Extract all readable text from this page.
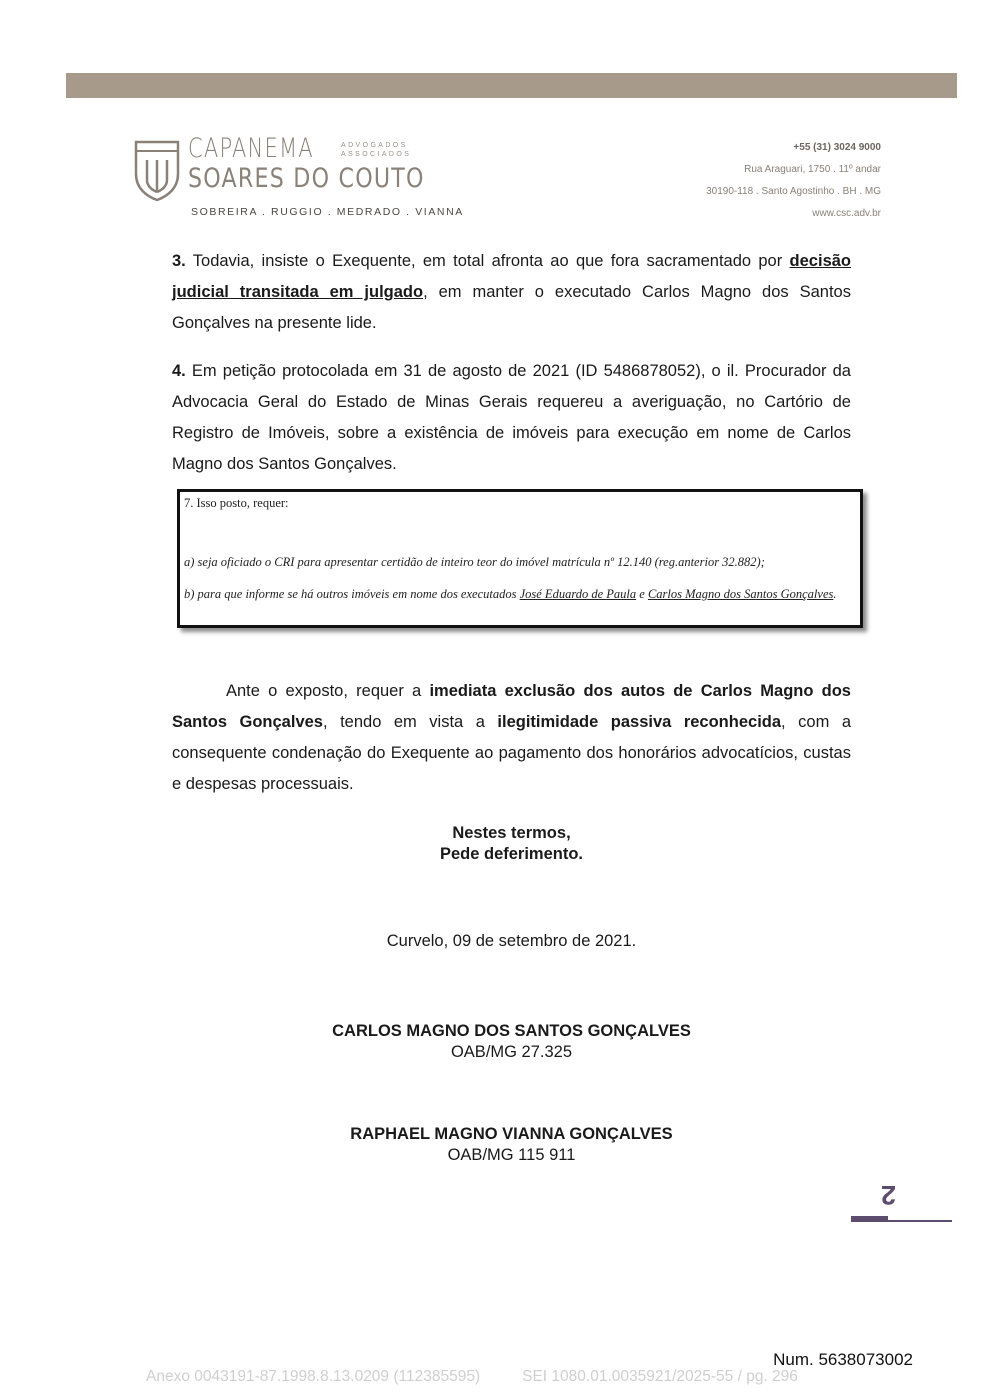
CAPANEMA	ADVOGADOS ASSOCIADOS
SOARES DO COUTO
SOBREIRA . RUGGIO . MEDRADO . VIANNA
+55 (31) 3024 9000
Rua Araguari, 1750 . 11º andar
30190-118 . Santo Agostinho . BH . MG
www.csc.adv.br
3. Todavia, insiste o Exequente, em total afronta ao que fora sacramentado por decisão judicial transitada em julgado, em manter o executado Carlos Magno dos Santos Gonçalves na presente lide.
4. Em petição protocolada em 31 de agosto de 2021 (ID 5486878052), o il. Procurador da Advocacia Geral do Estado de Minas Gerais requereu a averiguação, no Cartório de Registro de Imóveis, sobre a existência de imóveis para execução em nome de Carlos Magno dos Santos Gonçalves.
7. Isso posto, requer:
a) seja oficiado o CRI para apresentar certidão de inteiro teor do imóvel matrícula nº 12.140 (reg.anterior 32.882);
b) para que informe se há outros imóveis em nome dos executados José Eduardo de Paula e Carlos Magno dos Santos Gonçalves.
Ante o exposto, requer a imediata exclusão dos autos de Carlos Magno dos Santos Gonçalves, tendo em vista a ilegitimidade passiva reconhecida, com a consequente condenação do Exequente ao pagamento dos honorários advocatícios, custas e despesas processuais.
Nestes termos,
Pede deferimento.
Curvelo, 09 de setembro de 2021.
CARLOS MAGNO DOS SANTOS GONÇALVES
OAB/MG 27.325
RAPHAEL MAGNO VIANNA GONÇALVES
OAB/MG 115 911
2
Num. 5638073002
Anexo 0043191-87.1998.8.13.0209 (112385595)	SEI 1080.01.0035921/2025-55 / pg. 296
